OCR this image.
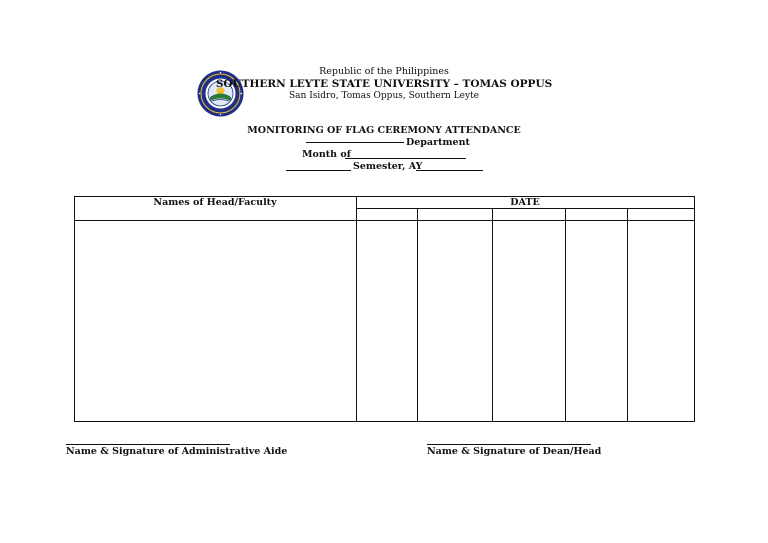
Republic of the Philippines
SOUTHERN LEYTE STATE UNIVERSITY – TOMAS OPPUS
San Isidro, Tomas Oppus, Southern Leyte
MONITORING OF FLAG CEREMONY ATTENDANCE
Department
Month of
Semester, AY
Names of Head/Faculty	DATE
Name & Signature of Administrative Aide	Name & Signature of Dean/Head
